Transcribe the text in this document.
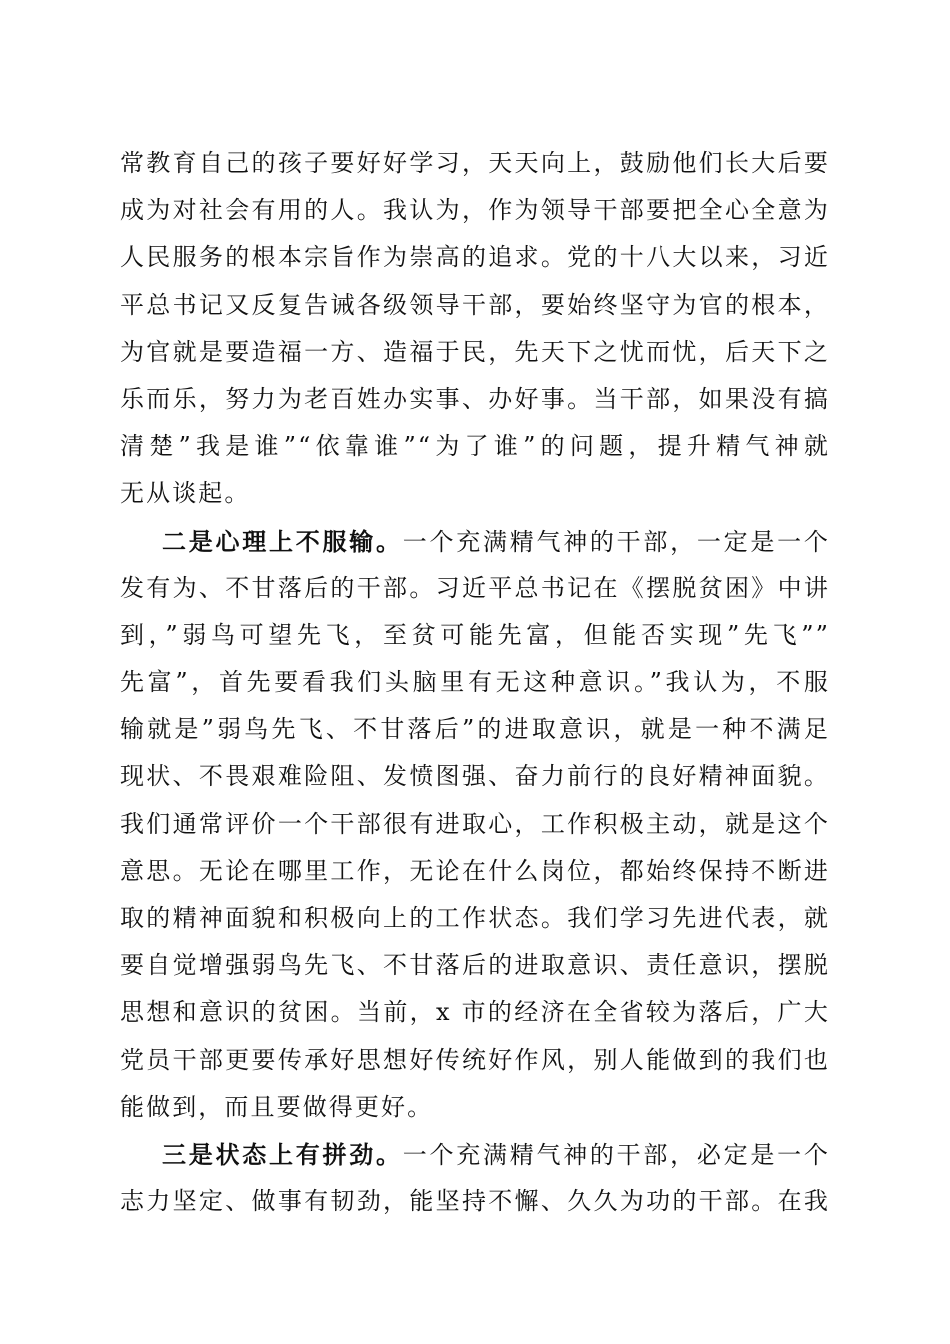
常教育自己的孩子要好好学习，天天向上，鼓励他们长大后要
成为对社会有用的人。我认为，作为领导干部要把全心全意为
人民服务的根本宗旨作为崇高的追求。党的十八大以来，习近
平总书记又反复告诫各级领导干部，要始终坚守为官的根本，
为官就是要造福一方、造福于民，先天下之忧而忧，后天下之
乐而乐，努力为老百姓办实事、办好事。当干部，如果没有搞
清楚”我是谁”“依靠谁”“为了谁”的问题，提升精气神就
无从谈起。
二是心理上不服输。一个充满精气神的干部，一定是一个
发有为、不甘落后的干部。习近平总书记在《摆脱贫困》中讲
到，”弱鸟可望先飞，至贫可能先富，但能否实现”先飞””
先富”，首先要看我们头脑里有无这种意识。”我认为，不服
输就是”弱鸟先飞、不甘落后”的进取意识，就是一种不满足
现状、不畏艰难险阻、发愤图强、奋力前行的良好精神面貌。
我们通常评价一个干部很有进取心，工作积极主动，就是这个
意思。无论在哪里工作，无论在什么岗位，都始终保持不断进
取的精神面貌和积极向上的工作状态。我们学习先进代表，就
要自觉增强弱鸟先飞、不甘落后的进取意识、责任意识，摆脱
思想和意识的贫困。当前，x 市的经济在全省较为落后，广大
党员干部更要传承好思想好传统好作风，别人能做到的我们也
能做到，而且要做得更好。
三是状态上有拼劲。一个充满精气神的干部，必定是一个
志力坚定、做事有韧劲，能坚持不懈、久久为功的干部。在我
